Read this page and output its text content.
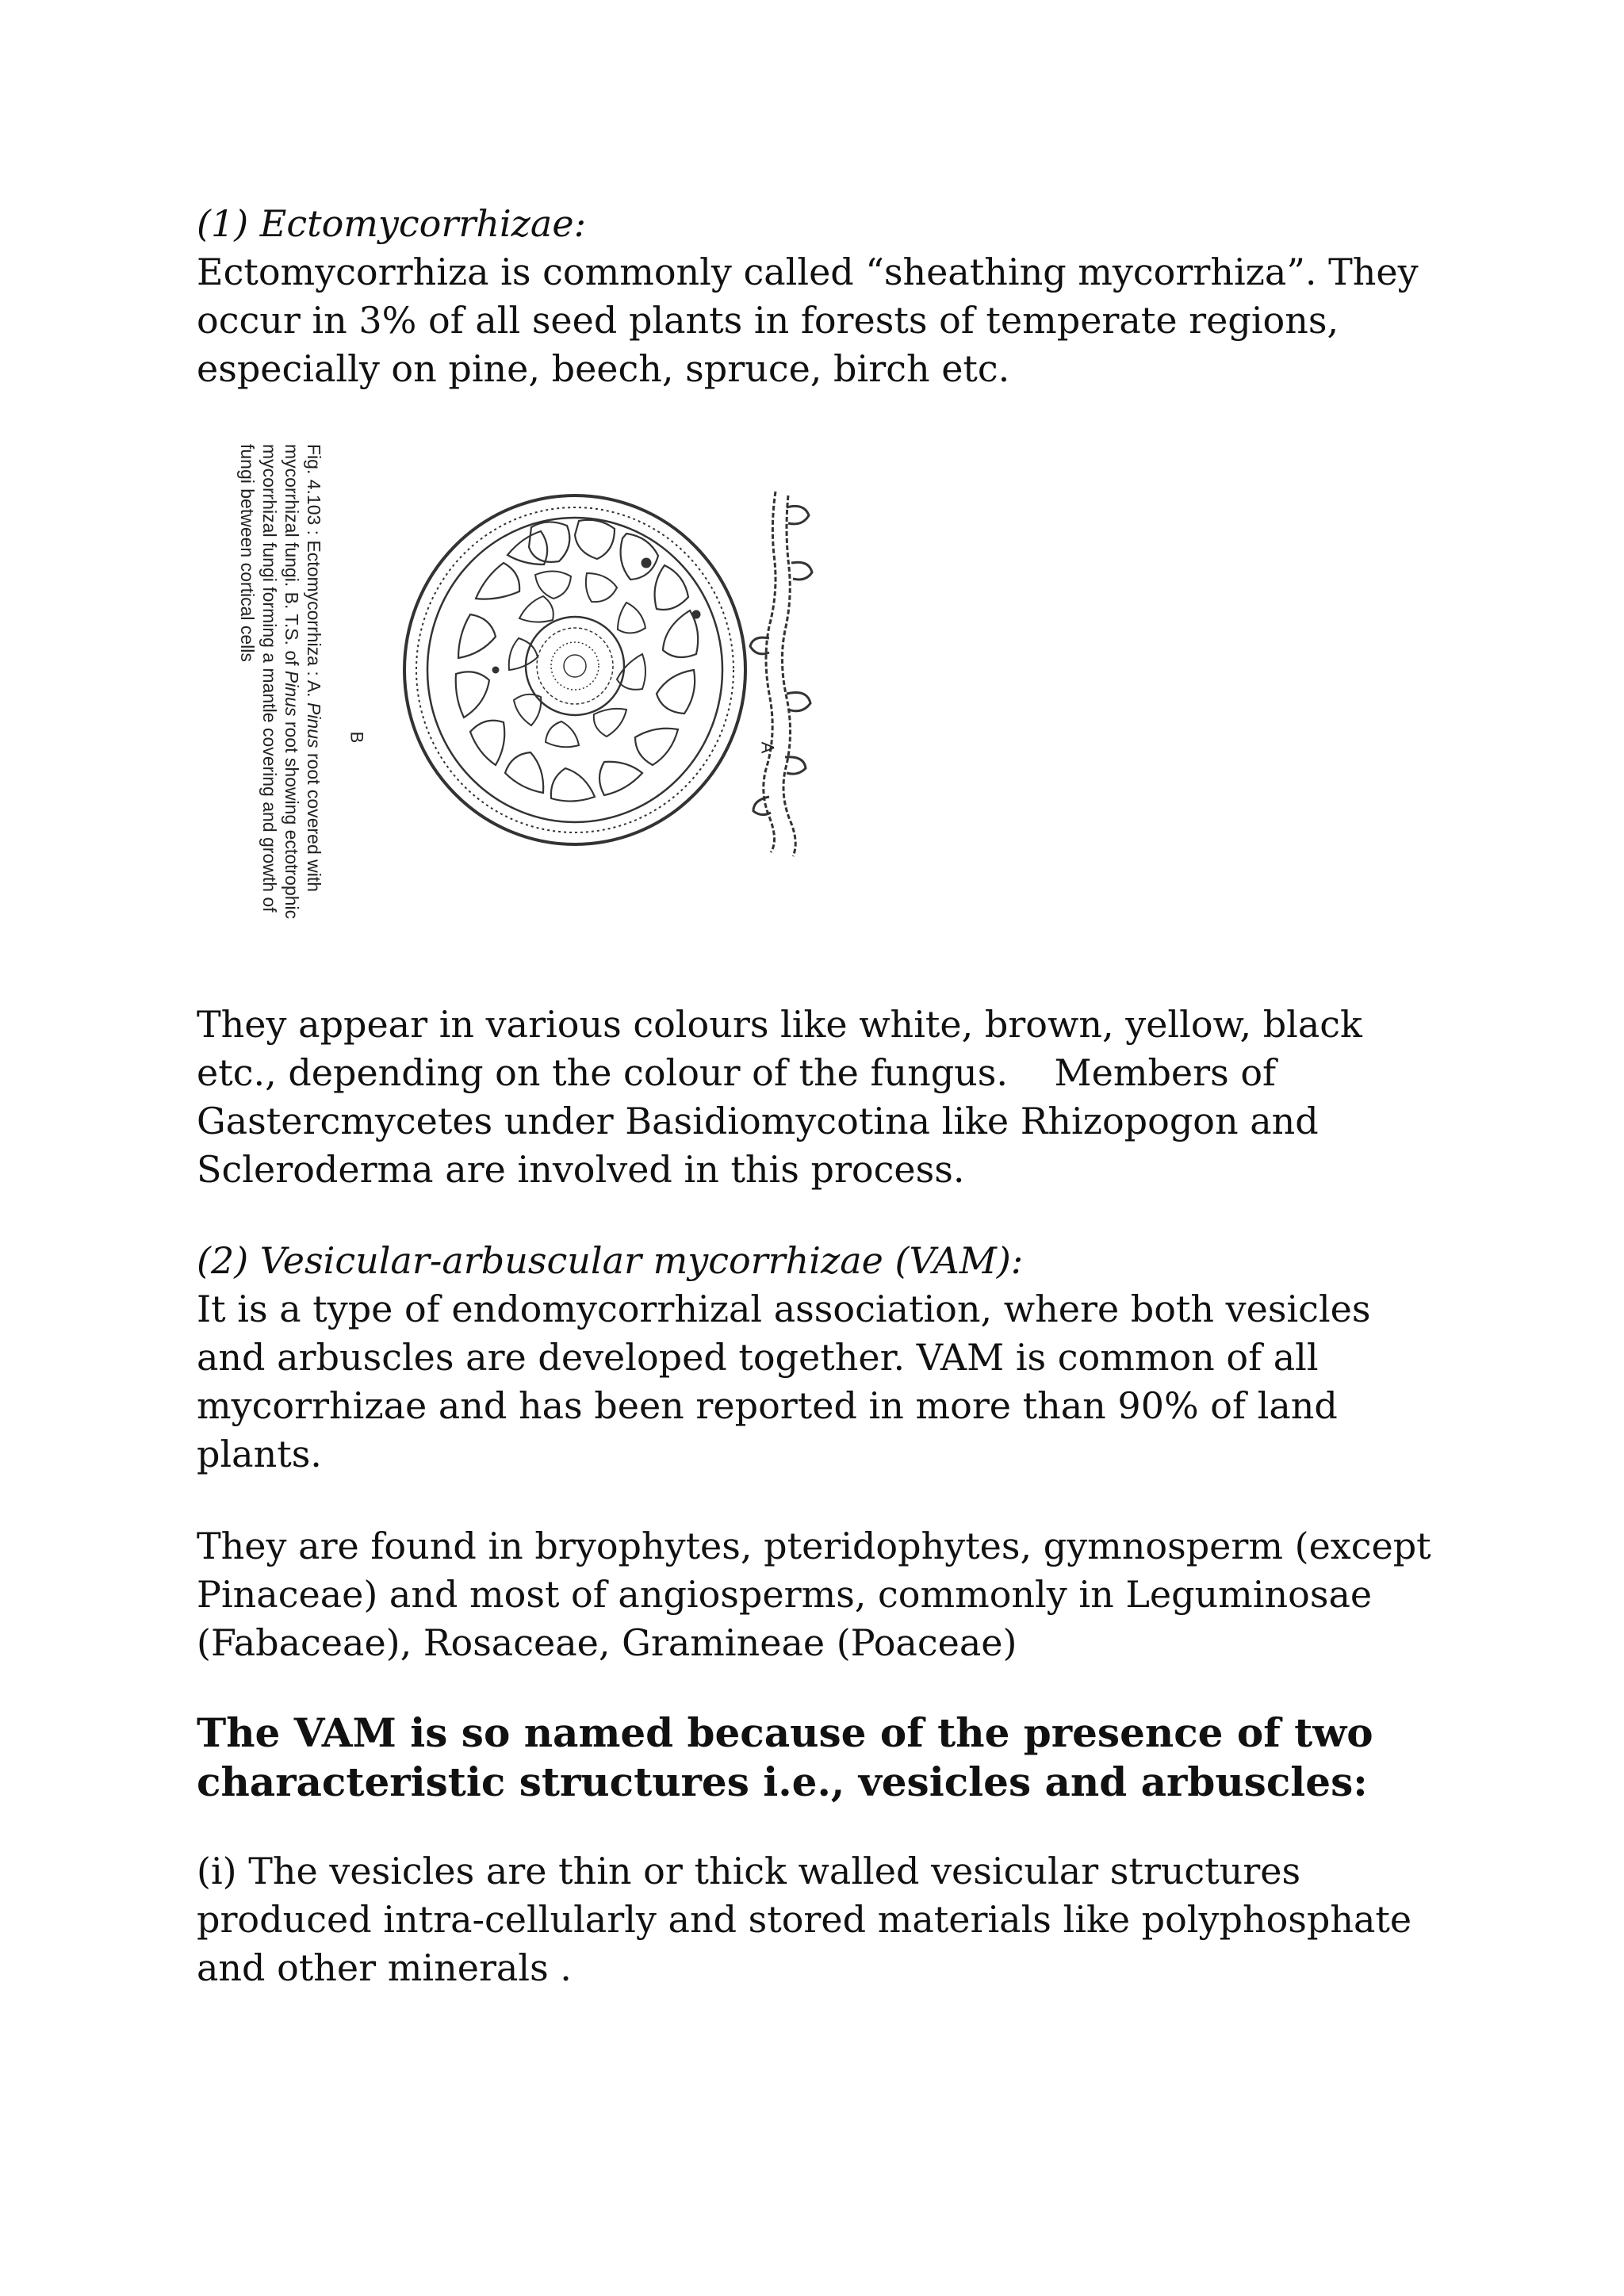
(1) Ectomycorrhizae:

Ectomycorrhiza is commonly called “sheathing mycorrhiza”. They occur in 3% of all seed plants in forests of temperate regions, especially on pine, beech, spruce, birch etc.

Fig. 4.103 : Ectomycorrhiza : A. Pinus root covered with mycorrhizal fungi. B. T.S. of Pinus root showing ectotrophic mycorrhizal fungi forming a mantle covering and growth of fungi between cortical cells
A
B

They appear in various colours like white, brown, yellow, black etc., depending on the colour of the fungus.    Members of Gastercmycetes under Basidiomycotina like Rhizopogon and Scleroderma are involved in this process.

(2) Vesicular-arbuscular mycorrhizae (VAM):

It is a type of endomycorrhizal association, where both vesicles and arbuscles are developed together. VAM is common of all mycorrhizae and has been reported in more than 90% of land plants.

They are found in bryophytes, pteridophytes, gymnosperm (except Pinaceae) and most of angiosperms, commonly in Leguminosae (Fabaceae), Rosaceae, Gramineae (Poaceae)

The VAM is so named because of the presence of two characteristic structures i.e., vesicles and arbuscles:

(i) The vesicles are thin or thick walled vesicular structures produced intra-cellularly and stored materials like polyphosphate and other minerals .
